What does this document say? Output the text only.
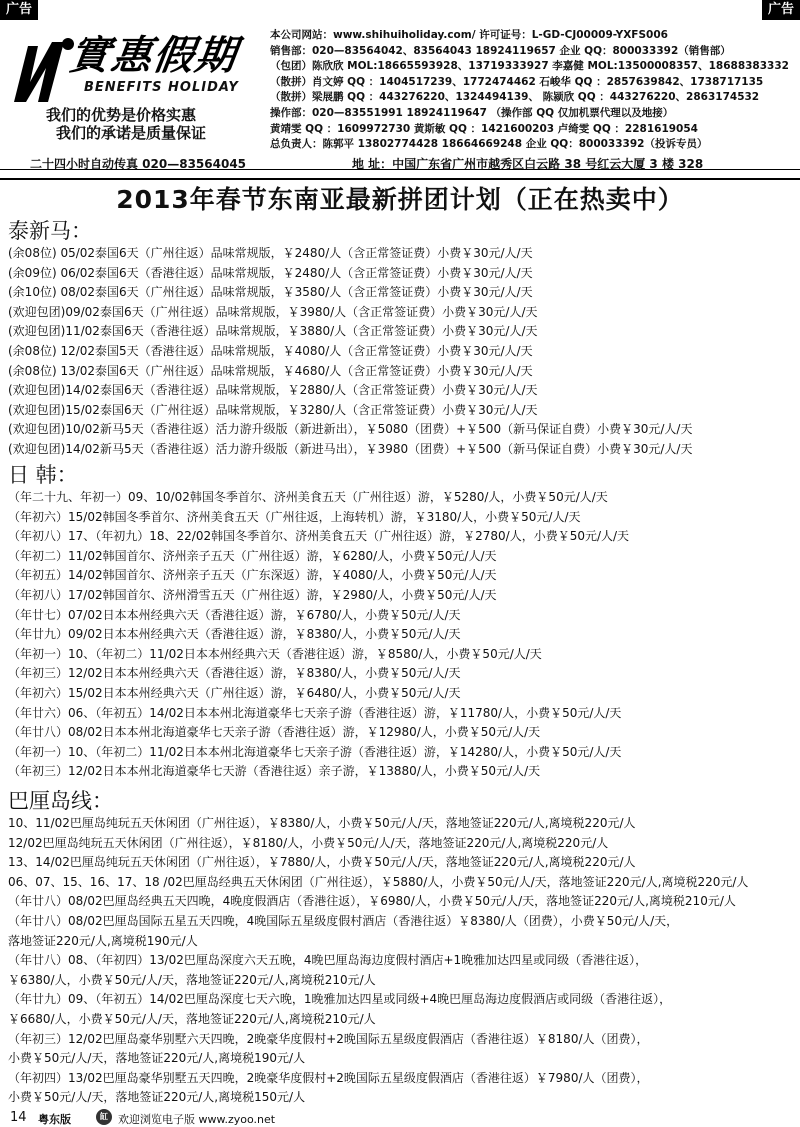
广告	广告
實惠假期
BENEFITS HOLIDAY
我们的优势是价格实惠
我们的承诺是质量保证
本公司网站：www.shihuiholiday.com/ 许可证号：L-GD-CJ00009-YXFS006
销售部：020—83564042、83564043 18924119657 企业 QQ：800033392（销售部）
（包团）陈欣欣 MOL:18665593928、13719333927 李嘉健 MOL:13500008357、18688383332
（散拼）肖文婷 QQ ：1404517239、1772474462 石峻华 QQ ：2857639842、1738717135
（散拼）梁展鹏 QQ ：443276220、1324494139、 陈颍欣 QQ ：443276220、2863174532
操作部：020—83551991 18924119647 （操作部 QQ 仅加机票代理以及地接）
黄靖雯 QQ ：1609972730 黄斯敏 QQ ：1421600203 卢绮雯 QQ ：2281619054
总负责人：陈郭平 13802774428 18664669248 企业 QQ：800033392（投诉专员）
二十四小时自动传真 020—83564045	地 址：中国广东省广州市越秀区白云路 38 号红云大厦 3 楼 328
2013年春节东南亚最新拼团计划（正在热卖中）
泰新马：
(余08位) 05/02泰国6天（广州往返）品味常规版，￥2480/人（含正常签证费）小费￥30元/人/天
(余09位) 06/02泰国6天（香港往返）品味常规版，￥2480/人（含正常签证费）小费￥30元/人/天
(余10位) 08/02泰国6天（广州往返）品味常规版，￥3580/人（含正常签证费）小费￥30元/人/天
(欢迎包团)09/02泰国6天（广州往返）品味常规版，￥3980/人（含正常签证费）小费￥30元/人/天
(欢迎包团)11/02泰国6天（香港往返）品味常规版，￥3880/人（含正常签证费）小费￥30元/人/天
(余08位) 12/02泰国5天（香港往返）品味常规版，￥4080/人（含正常签证费）小费￥30元/人/天
(余08位) 13/02泰国6天（广州往返）品味常规版，￥4680/人（含正常签证费）小费￥30元/人/天
(欢迎包团)14/02泰国6天（香港往返）品味常规版，￥2880/人（含正常签证费）小费￥30元/人/天
(欢迎包团)15/02泰国6天（广州往返）品味常规版，￥3280/人（含正常签证费）小费￥30元/人/天
(欢迎包团)10/02新马5天（香港往返）活力游升级版（新进新出），￥5080（团费）+￥500（新马保证自费）小费￥30元/人/天
(欢迎包团)14/02新马5天（香港往返）活力游升级版（新进马出），￥3980（团费）+￥500（新马保证自费）小费￥30元/人/天
日 韩：
（年二十九、年初一）09、10/02韩国冬季首尔、济州美食五天（广州往返）游，￥5280/人，小费￥50元/人/天
（年初六）15/02韩国冬季首尔、济州美食五天（广州往返，上海转机）游，￥3180/人，小费￥50元/人/天
（年初八）17、（年初九）18、22/02韩国冬季首尔、济州美食五天（广州往返）游，￥2780/人，小费￥50元/人/天
（年初二）11/02韩国首尔、济州亲子五天（广州往返）游，￥6280/人，小费￥50元/人/天
（年初五）14/02韩国首尔、济州亲子五天（广东深返）游，￥4080/人，小费￥50元/人/天
（年初八）17/02韩国首尔、济州滑雪五天（广州往返）游，￥2980/人，小费￥50元/人/天
（年廿七）07/02日本本州经典六天（香港往返）游，￥6780/人，小费￥50元/人/天
（年廿九）09/02日本本州经典六天（香港往返）游，￥8380/人，小费￥50元/人/天
（年初一）10、（年初二）11/02日本本州经典六天（香港往返）游，￥8580/人，小费￥50元/人/天
（年初三）12/02日本本州经典六天（香港往返）游，￥8380/人，小费￥50元/人/天
（年初六）15/02日本本州经典六天（广州往返）游，￥6480/人，小费￥50元/人/天
（年廿六）06、（年初五）14/02日本本州北海道豪华七天亲子游（香港往返）游，￥11780/人，小费￥50元/人/天
（年廿八）08/02日本本州北海道豪华七天亲子游（香港往返）游，￥12980/人，小费￥50元/人/天
（年初一）10、（年初二）11/02日本本州北海道豪华七天亲子游（香港往返）游，￥14280/人，小费￥50元/人/天
（年初三）12/02日本本州北海道豪华七天游（香港往返）亲子游，￥13880/人，小费￥50元/人/天
巴厘岛线：
10、11/02巴厘岛纯玩五天休闲团（广州往返），￥8380/人，小费￥50元/人/天，落地签证220元/人,离境税220元/人
12/02巴厘岛纯玩五天休闲团（广州往返），￥8180/人，小费￥50元/人/天，落地签证220元/人,离境税220元/人
13、14/02巴厘岛纯玩五天休闲团（广州往返），￥7880/人，小费￥50元/人/天，落地签证220元/人,离境税220元/人
06、07、15、16、17、18 /02巴厘岛经典五天休闲团（广州往返），￥5880/人，小费￥50元/人/天，落地签证220元/人,离境税220元/人
（年廿八）08/02巴厘岛经典五天四晚，4晚度假酒店（香港往返），￥6980/人，小费￥50元/人/天，落地签证220元/人,离境税210元/人
（年廿八）08/02巴厘岛国际五星五天四晚，4晚国际五星级度假村酒店（香港往返）￥8380/人（团费），小费￥50元/人/天，
落地签证220元/人,离境税190元/人
（年廿八）08、（年初四）13/02巴厘岛深度六天五晚，4晚巴厘岛海边度假村酒店+1晚雅加达四星或同级（香港往返），
￥6380/人，小费￥50元/人/天，落地签证220元/人,离境税210元/人
（年廿九）09、（年初五）14/02巴厘岛深度七天六晚，1晚雅加达四星或同级+4晚巴厘岛海边度假酒店或同级（香港往返），
￥6680/人，小费￥50元/人/天，落地签证220元/人,离境税210元/人
（年初三）12/02巴厘岛豪华别墅六天四晚，2晚豪华度假村+2晚国际五星级度假酒店（香港往返）￥8180/人（团费），
小费￥50元/人/天，落地签证220元/人,离境税190元/人
（年初四）13/02巴厘岛豪华别墅五天四晚，2晚豪华度假村+2晚国际五星级度假酒店（香港往返）￥7980/人（团费），
小费￥50元/人/天，落地签证220元/人,离境税150元/人
14 粤东版	缸 欢迎浏览电子版 www.zyoo.net
